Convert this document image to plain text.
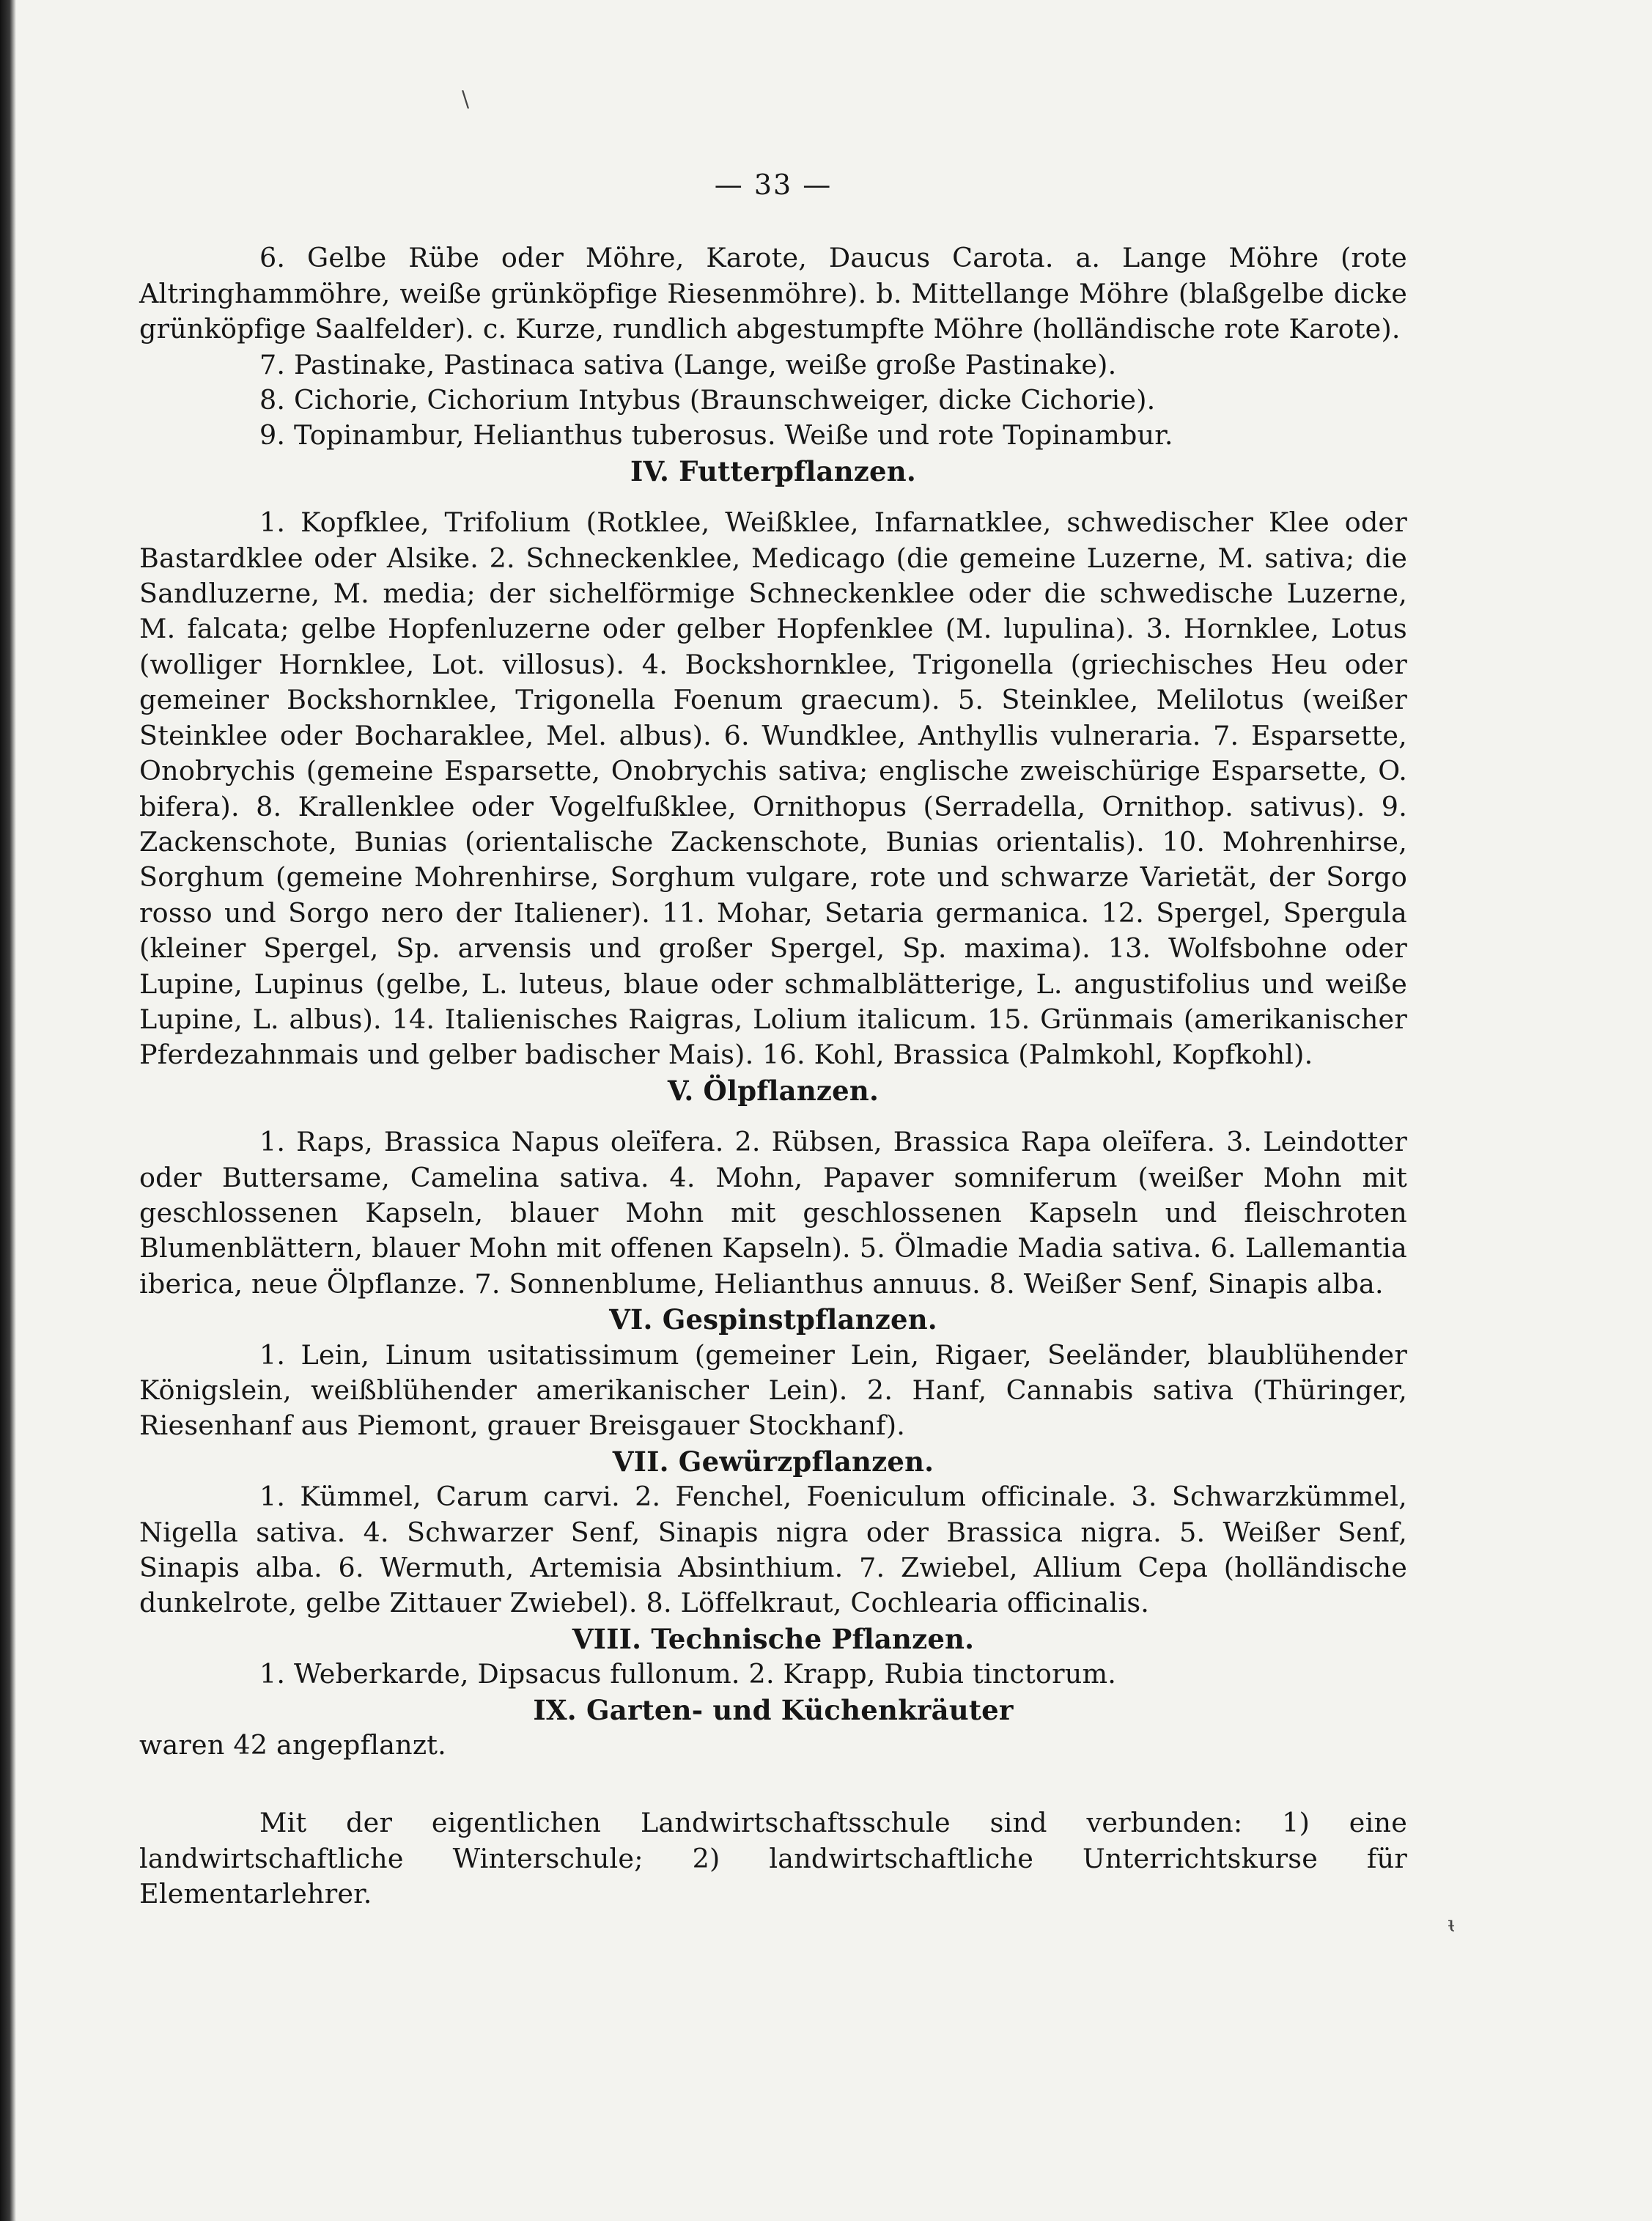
— 33 —

6. Gelbe Rübe oder Möhre, Karote, Daucus Carota. a. Lange Möhre (rote Altringhammöhre, weiße grünköpfige Riesenmöhre). b. Mittellange Möhre (blaßgelbe dicke grünköpfige Saalfelder). c. Kurze, rundlich abgestumpfte Möhre (holländische rote Karote).

7. Pastinake, Pastinaca sativa (Lange, weiße große Pastinake).

8. Cichorie, Cichorium Intybus (Braunschweiger, dicke Cichorie).

9. Topinambur, Helianthus tuberosus. Weiße und rote Topinambur.

IV. Futterpflanzen.

1. Kopfklee, Trifolium (Rotklee, Weißklee, Infarnatklee, schwedischer Klee oder Bastardklee oder Alsike. 2. Schneckenklee, Medicago (die gemeine Luzerne, M. sativa; die Sandluzerne, M. media; der sichelförmige Schneckenklee oder die schwedische Luzerne, M. falcata; gelbe Hopfenluzerne oder gelber Hopfenklee (M. lupulina). 3. Hornklee, Lotus (wolliger Hornklee, Lot. villosus). 4. Bockshornklee, Trigonella (griechisches Heu oder gemeiner Bockshornklee, Trigonella Foenum graecum). 5. Steinklee, Melilotus (weißer Steinklee oder Bocharaklee, Mel. albus). 6. Wundklee, Anthyllis vulneraria. 7. Esparsette, Onobrychis (gemeine Esparsette, Onobrychis sativa; englische zweischürige Esparsette, O. bifera). 8. Krallenklee oder Vogelfußklee, Ornithopus (Serradella, Ornithop. sativus). 9. Zackenschote, Bunias (orientalische Zackenschote, Bunias orientalis). 10. Mohrenhirse, Sorghum (gemeine Mohrenhirse, Sorghum vulgare, rote und schwarze Varietät, der Sorgo rosso und Sorgo nero der Italiener). 11. Mohar, Setaria germanica. 12. Spergel, Spergula (kleiner Spergel, Sp. arvensis und großer Spergel, Sp. maxima). 13. Wolfsbohne oder Lupine, Lupinus (gelbe, L. luteus, blaue oder schmalblätterige, L. angustifolius und weiße Lupine, L. albus). 14. Italienisches Raigras, Lolium italicum. 15. Grünmais (amerikanischer Pferdezahnmais und gelber badischer Mais). 16. Kohl, Brassica (Palmkohl, Kopfkohl).

V. Ölpflanzen.

1. Raps, Brassica Napus oleïfera. 2. Rübsen, Brassica Rapa oleïfera. 3. Leindotter oder Buttersame, Camelina sativa. 4. Mohn, Papaver somniferum (weißer Mohn mit geschlossenen Kapseln, blauer Mohn mit geschlossenen Kapseln und fleischroten Blumenblättern, blauer Mohn mit offenen Kapseln). 5. Ölmadie Madia sativa. 6. Lallemantia iberica, neue Ölpflanze. 7. Sonnenblume, Helianthus annuus. 8. Weißer Senf, Sinapis alba.

VI. Gespinstpflanzen.

1. Lein, Linum usitatissimum (gemeiner Lein, Rigaer, Seeländer, blaublühender Königslein, weißblühender amerikanischer Lein). 2. Hanf, Cannabis sativa (Thüringer, Riesenhanf aus Piemont, grauer Breisgauer Stockhanf).

VII. Gewürzpflanzen.

1. Kümmel, Carum carvi. 2. Fenchel, Foeniculum officinale. 3. Schwarzkümmel, Nigella sativa. 4. Schwarzer Senf, Sinapis nigra oder Brassica nigra. 5. Weißer Senf, Sinapis alba. 6. Wermuth, Artemisia Absinthium. 7. Zwiebel, Allium Cepa (holländische dunkelrote, gelbe Zittauer Zwiebel). 8. Löffelkraut, Cochlearia officinalis.

VIII. Technische Pflanzen.

1. Weberkarde, Dipsacus fullonum. 2. Krapp, Rubia tinctorum.

IX. Garten- und Küchenkräuter

waren 42 angepflanzt.

Mit der eigentlichen Landwirtschaftsschule sind verbunden: 1) eine landwirtschaftliche Winterschule; 2) landwirtschaftliche Unterrichtskurse für Elementarlehrer.

\
ᵼ
